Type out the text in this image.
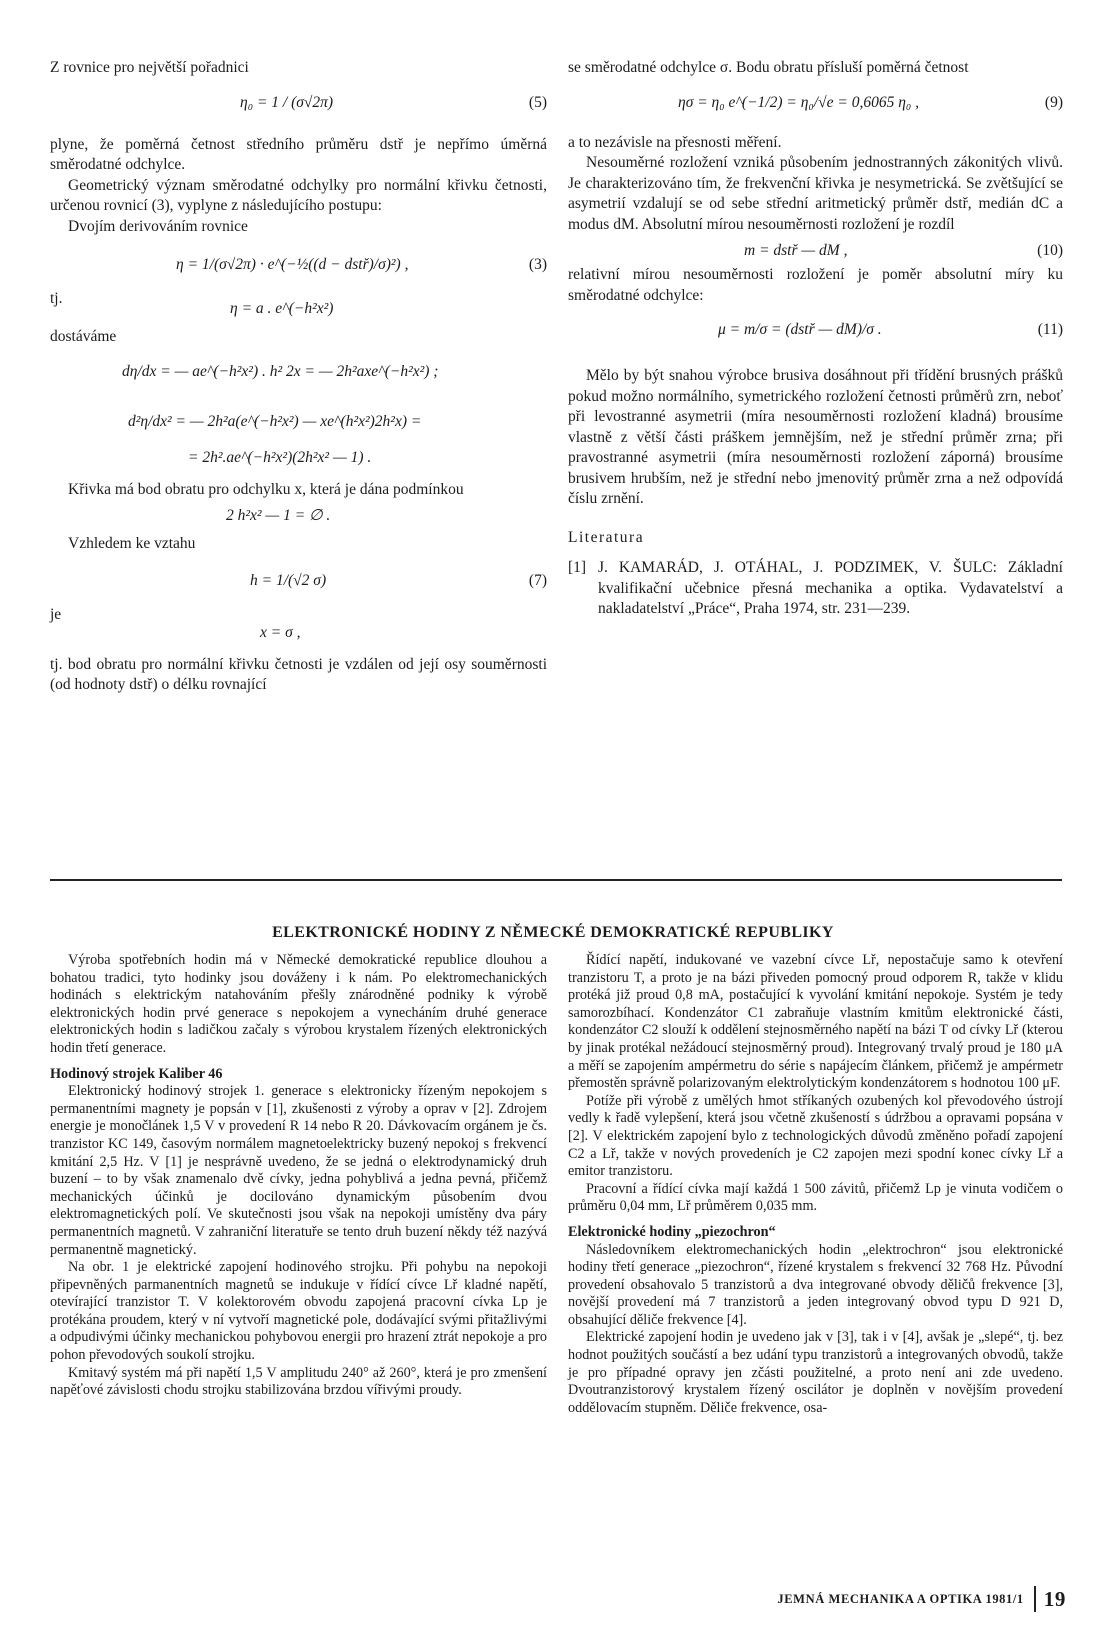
Z rovnice pro největší pořadnici

η₀ = 1 / (σ√2π)	(5)

plyne, že poměrná četnost středního průměru dstř je nepřímo úměrná směrodatné odchylce.

Geometrický význam směrodatné odchylky pro normální křivku četnosti, určenou rovnicí (3), vyplyne z následujícího postupu:

Dvojím derivováním rovnice

η = 1/(σ√2π) · e^(−½((d − dstř)/σ)²) ,	(3)
tj.
η = a . e^(−h²x²)

dostáváme

dη/dx = — ae^(−h²x²) . h² 2x = — 2h²axe^(−h²x²) ;
d²η/dx² = — 2h²a(e^(−h²x²) — xe^(h²x²)2h²x) =
= 2h².ae^(−h²x²)(2h²x² — 1) .

Křivka má bod obratu pro odchylku x, která je dána podmínkou

2 h²x² — 1 = ∅ .

Vzhledem ke vztahu

h = 1/(√2 σ)	(7)
je
x = σ ,

tj. bod obratu pro normální křivku četnosti je vzdálen od její osy souměrnosti (od hodnoty dstř) o délku rovnající

se směrodatné odchylce σ. Bodu obratu přísluší poměrná četnost

ησ = η₀ e^(−1/2) = η₀/√e = 0,6065 η₀ ,	(9)

a to nezávisle na přesnosti měření.

Nesouměrné rozložení vzniká působením jednostranných zákonitých vlivů. Je charakterizováno tím, že frekvenční křivka je nesymetrická. Se zvětšující se asymetrií vzdalují se od sebe střední aritmetický průměr dstř, medián dC a modus dM. Absolutní mírou nesouměrnosti rozložení je rozdíl

m = dstř — dM ,	(10)

relativní mírou nesouměrnosti rozložení je poměr absolutní míry ku směrodatné odchylce:

μ = m/σ = (dstř — dM)/σ .	(11)

Mělo by být snahou výrobce brusiva dosáhnout při třídění brusných prášků pokud možno normálního, symetrického rozložení četnosti průměrů zrn, neboť při levostranné asymetrii (míra nesouměrnosti rozložení kladná) brousíme vlastně z větší části práškem jemnějším, než je střední průměr zrna; při pravostranné asymetrii (míra nesouměrnosti rozložení záporná) brousíme brusivem hrubším, než je střední nebo jmenovitý průměr zrna a než odpovídá číslu zrnění.

Literatura

[1] J. KAMARÁD, J. OTÁHAL, J. PODZIMEK, V. ŠULC: Základní kvalifikační učebnice přesná mechanika a optika. Vydavatelství a nakladatelství „Práce“, Praha 1974, str. 231—239.
ELEKTRONICKÉ HODINY Z NĚMECKÉ DEMOKRATICKÉ REPUBLIKY

Výroba spotřebních hodin má v Německé demokratické republice dlouhou a bohatou tradici, tyto hodinky jsou dováženy i k nám. Po elektromechanických hodinách s elektrickým natahováním přešly znárodněné podniky k výrobě elektronických hodin prvé generace s nepokojem a vynecháním druhé generace elektronických hodin s ladičkou začaly s výrobou krystalem řízených elektronických hodin třetí generace.

Hodinový strojek Kaliber 46

Elektronický hodinový strojek 1. generace s elektronicky řízeným nepokojem s permanentními magnety je popsán v [1], zkušenosti z výroby a oprav v [2]. Zdrojem energie je monočlánek 1,5 V v provedení R 14 nebo R 20. Dávkovacím orgánem je čs. tranzistor KC 149, časovým normálem magnetoelektricky buzený nepokoj s frekvencí kmitání 2,5 Hz. V [1] je nesprávně uvedeno, že se jedná o elektrodynamický druh buzení – to by však znamenalo dvě cívky, jedna pohyblivá a jedna pevná, přičemž mechanických účinků je docilováno dynamickým působením dvou elektromagnetických polí. Ve skutečnosti jsou však na nepokoji umístěny dva páry permanentních magnetů. V zahraniční literatuře se tento druh buzení někdy též nazývá permanentně magnetický.

Na obr. 1 je elektrické zapojení hodinového strojku. Při pohybu na nepokoji připevněných parmanentních magnetů se indukuje v řídící cívce Lř kladné napětí, otevírající tranzistor T. V kolektorovém obvodu zapojená pracovní cívka Lp je protékána proudem, který v ní vytvoří magnetické pole, dodávající svými přitažlivými a odpudivými účinky mechanickou pohybovou energii pro hrazení ztrát nepokoje a pro pohon převodových soukolí strojku.

Kmitavý systém má při napětí 1,5 V amplitudu 240° až 260°, která je pro zmenšení napěťové závislosti chodu strojku stabilizována brzdou vířivými proudy.

Řídící napětí, indukované ve vazební cívce Lř, nepostačuje samo k otevření tranzistoru T, a proto je na bázi přiveden pomocný proud odporem R, takže v klidu protéká již proud 0,8 mA, postačující k vyvolání kmitání nepokoje. Systém je tedy samorozbíhací. Kondenzátor C1 zabraňuje vlastním kmitům elektronické části, kondenzátor C2 slouží k oddělení stejnosměrného napětí na bázi T od cívky Lř (kterou by jinak protékal nežádoucí stejnosměrný proud). Integrovaný trvalý proud je 180 μA a měří se zapojením ampérmetru do série s napájecím článkem, přičemž je ampérmetr přemostěn správně polarizovaným elektrolytickým kondenzátorem s hodnotou 100 μF.

Potíže při výrobě z umělých hmot stříkaných ozubených kol převodového ústrojí vedly k řadě vylepšení, která jsou včetně zkušeností s údržbou a opravami popsána v [2]. V elektrickém zapojení bylo z technologických důvodů změněno pořadí zapojení C2 a Lř, takže v nových provedeních je C2 zapojen mezi spodní konec cívky Lř a emitor tranzistoru.

Pracovní a řídící cívka mají každá 1 500 závitů, přičemž Lp je vinuta vodičem o průměru 0,04 mm, Lř průměrem 0,035 mm.

Elektronické hodiny „piezochron“

Následovníkem elektromechanických hodin „elektrochron“ jsou elektronické hodiny třetí generace „piezochron“, řízené krystalem s frekvencí 32 768 Hz. Původní provedení obsahovalo 5 tranzistorů a dva integrované obvody děličů frekvence [3], novější provedení má 7 tranzistorů a jeden integrovaný obvod typu D 921 D, obsahující děliče frekvence [4].

Elektrické zapojení hodin je uvedeno jak v [3], tak i v [4], avšak je „slepé“, tj. bez hodnot použitých součástí a bez udání typu tranzistorů a integrovaných obvodů, takže je pro případné opravy jen zčásti použitelné, a proto není ani zde uvedeno. Dvoutranzistorový krystalem řízený oscilátor je doplněn v novějším provedení oddělovacím stupněm. Děliče frekvence, osa-

JEMNÁ MECHANIKA A OPTIKA 1981/1 19
